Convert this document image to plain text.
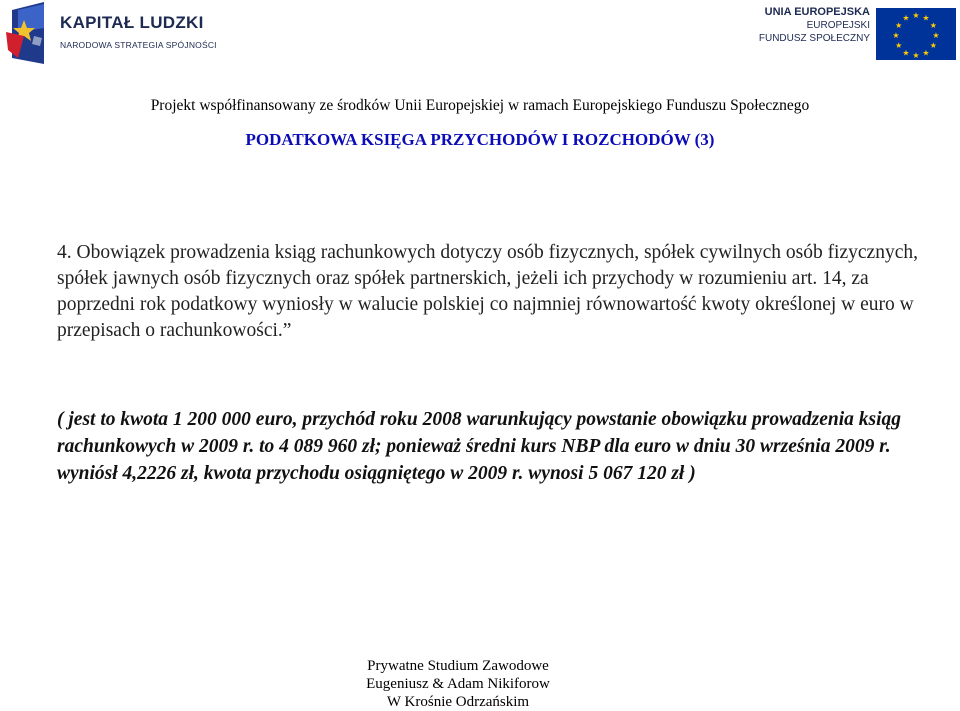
KAPITAŁ LUDZKI
NARODOWA STRATEGIA SPÓJNOŚCI
UNIA EUROPEJSKA
EUROPEJSKI
FUNDUSZ SPOŁECZNY
★ ★
★
★
★
★
★
★
★
★
★
★
Projekt współfinansowany ze środków Unii Europejskiej w ramach Europejskiego Funduszu Społecznego
PODATKOWA KSIĘGA PRZYCHODÓW I ROZCHODÓW (3)
4. Obowiązek prowadzenia ksiąg rachunkowych dotyczy osób fizycznych, spółek cywilnych osób fizycznych, spółek jawnych osób fizycznych oraz spółek partnerskich, jeżeli ich przychody w rozumieniu art. 14, za poprzedni rok podatkowy wyniosły w walucie polskiej co najmniej równowartość kwoty określonej w euro w przepisach o rachunkowości.”
( jest to kwota 1 200 000 euro, przychód roku 2008 warunkujący powstanie obowiązku prowadzenia ksiąg rachunkowych w 2009 r. to 4 089 960 zł; ponieważ średni kurs NBP dla euro w dniu 30 września 2009 r. wyniósł 4,2226 zł, kwota przychodu osiągniętego w 2009 r. wynosi 5 067 120 zł )
Prywatne Studium Zawodowe
Eugeniusz & Adam Nikiforow
W Krośnie Odrzańskim
